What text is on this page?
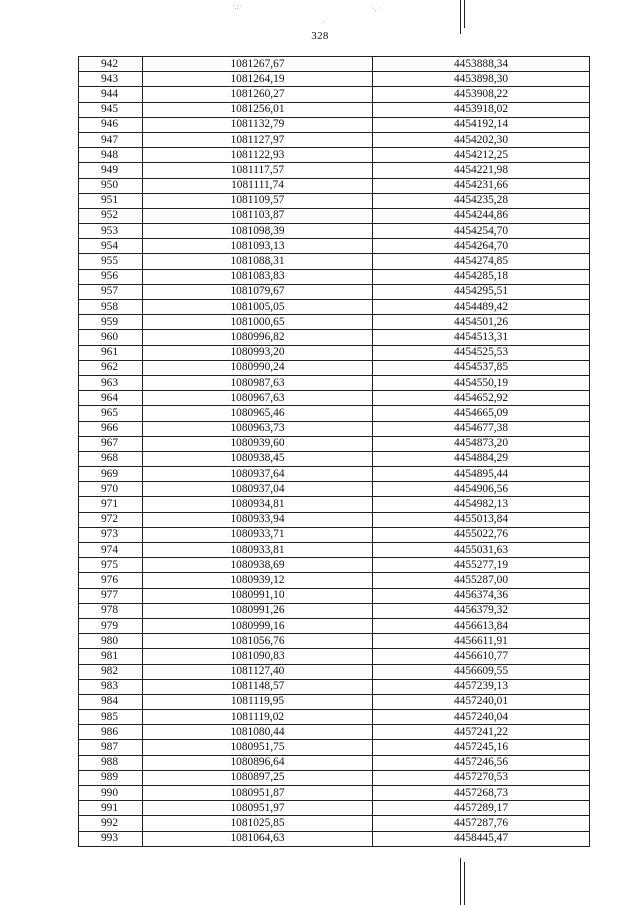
328
·.:·	·. ·
·
942	1081267,67	4453888,34
943	1081264,19	4453898,30
944	1081260,27	4453908,22
945	1081256,01	4453918,02
946	1081132,79	4454192,14
947	1081127,97	4454202,30
948	1081122,93	4454212,25
949	1081117,57	4454221,98
950	1081111,74	4454231,66
951	1081109,57	4454235,28
952	1081103,87	4454244,86
953	1081098,39	4454254,70
954	1081093,13	4454264,70
955	1081088,31	4454274,85
956	1081083,83	4454285,18
957	1081079,67	4454295,51
958	1081005,05	4454489,42
959	1081000,65	4454501,26
960	1080996,82	4454513,31
961	1080993,20	4454525,53
962	1080990,24	4454537,85
963	1080987,63	4454550,19
964	1080967,63	4454652,92
965	1080965,46	4454665,09
966	1080963,73	4454677,38
967	1080939,60	4454873,20
968	1080938,45	4454884,29
969	1080937,64	4454895,44
970	1080937,04	4454906,56
971	1080934,81	4454982,13
972	1080933,94	4455013,84
973	1080933,71	4455022,76
974	1080933,81	4455031,63
975	1080938,69	4455277,19
976	1080939,12	4455287,00
977	1080991,10	4456374,36
978	1080991,26	4456379,32
979	1080999,16	4456613,84
980	1081056,76	4456611,91
981	1081090,83	4456610,77
982	1081127,40	4456609,55
983	1081148,57	4457239,13
984	1081119,95	4457240,01
985	1081119,02	4457240,04
986	1081080,44	4457241,22
987	1080951,75	4457245,16
988	1080896,64	4457246,56
989	1080897,25	4457270,53
990	1080951,87	4457268,73
991	1080951,97	4457289,17
992	1081025,85	4457287,76
993	1081064,63	4458445,47
